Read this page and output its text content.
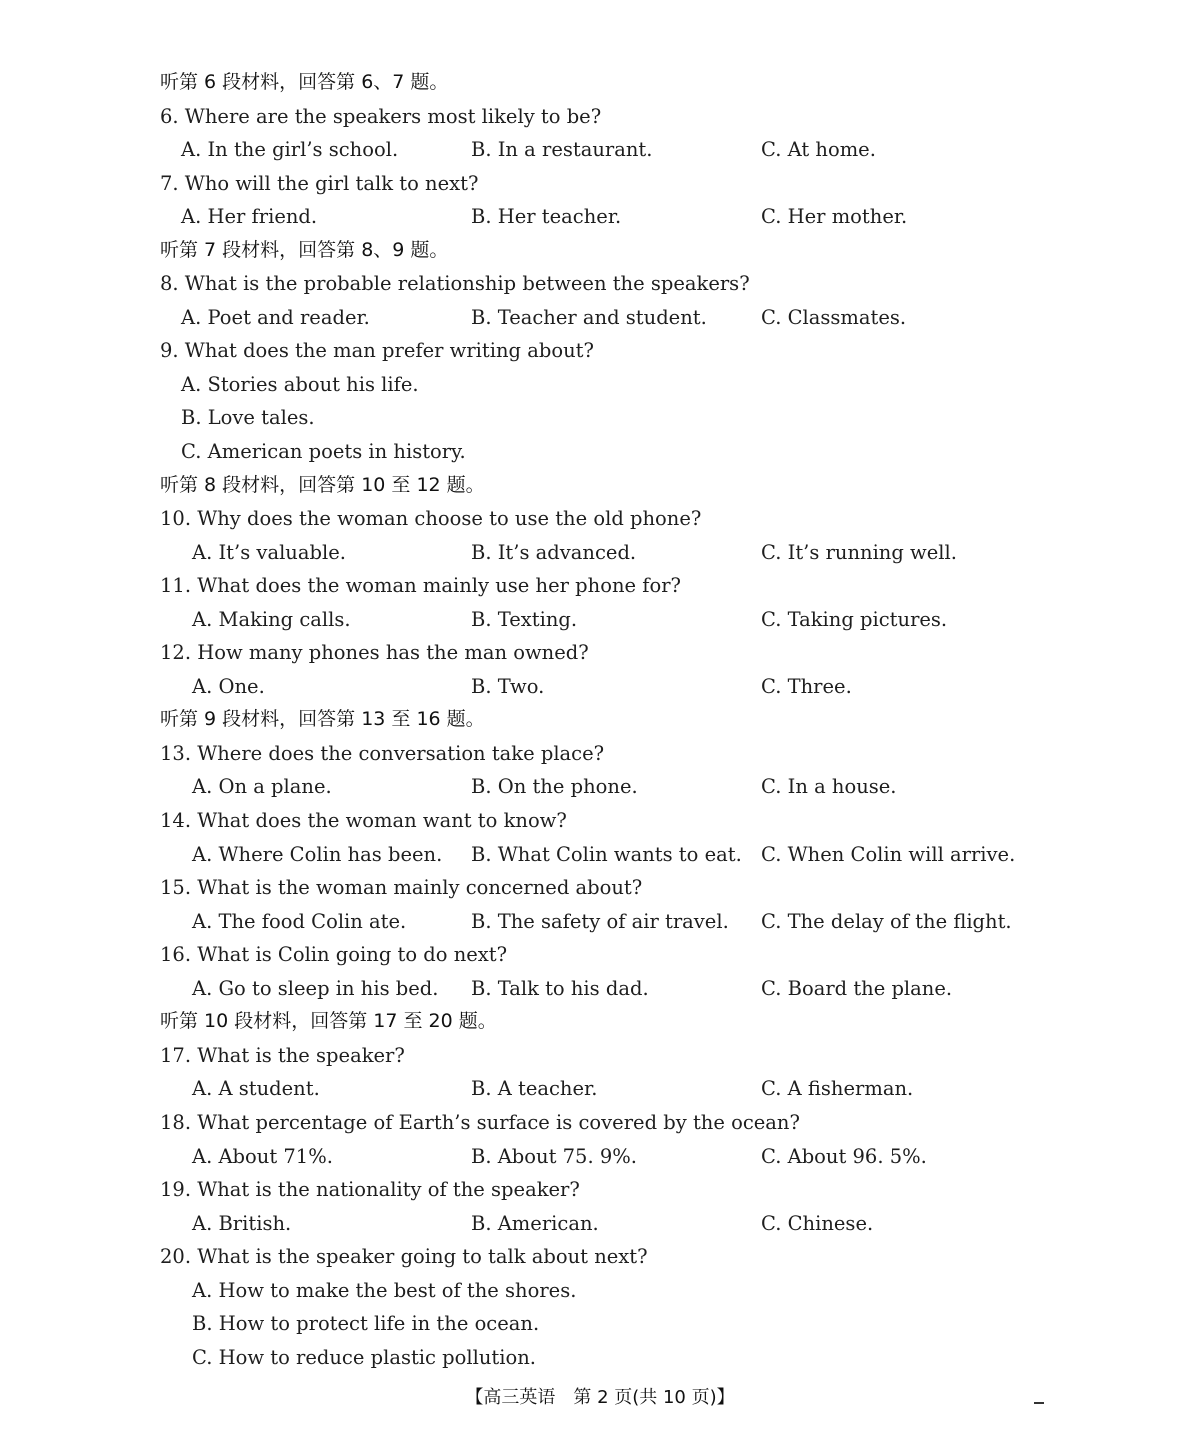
听第 6 段材料，回答第 6、7 题。
6. Where are the speakers most likely to be?
A. In the girl’s school.	B. In a restaurant.	C. At home.
7. Who will the girl talk to next?
A. Her friend.	B. Her teacher.	C. Her mother.
听第 7 段材料，回答第 8、9 题。
8. What is the probable relationship between the speakers?
A. Poet and reader.	B. Teacher and student.	C. Classmates.
9. What does the man prefer writing about?
A. Stories about his life.
B. Love tales.
C. American poets in history.
听第 8 段材料，回答第 10 至 12 题。
10. Why does the woman choose to use the old phone?
A. It’s valuable.	B. It’s advanced.	C. It’s running well.
11. What does the woman mainly use her phone for?
A. Making calls.	B. Texting.	C. Taking pictures.
12. How many phones has the man owned?
A. One.	B. Two.	C. Three.
听第 9 段材料，回答第 13 至 16 题。
13. Where does the conversation take place?
A. On a plane.	B. On the phone.	C. In a house.
14. What does the woman want to know?
A. Where Colin has been. B. What Colin wants to eat. C. When Colin will arrive.
15. What is the woman mainly concerned about?
A. The food Colin ate.	B. The safety of air travel. C. The delay of the flight.
16. What is Colin going to do next?
A. Go to sleep in his bed. B. Talk to his dad.	C. Board the plane.
听第 10 段材料，回答第 17 至 20 题。
17. What is the speaker?
A. A student.	B. A teacher.	C. A fisherman.
18. What percentage of Earth’s surface is covered by the ocean?
A. About 71%.	B. About 75. 9%.	C. About 96. 5%.
19. What is the nationality of the speaker?
A. British.	B. American.	C. Chinese.
20. What is the speaker going to talk about next?
A. How to make the best of the shores.
B. How to protect life in the ocean.
C. How to reduce plastic pollution.
【高三英语　第 2 页(共 10 页)】
